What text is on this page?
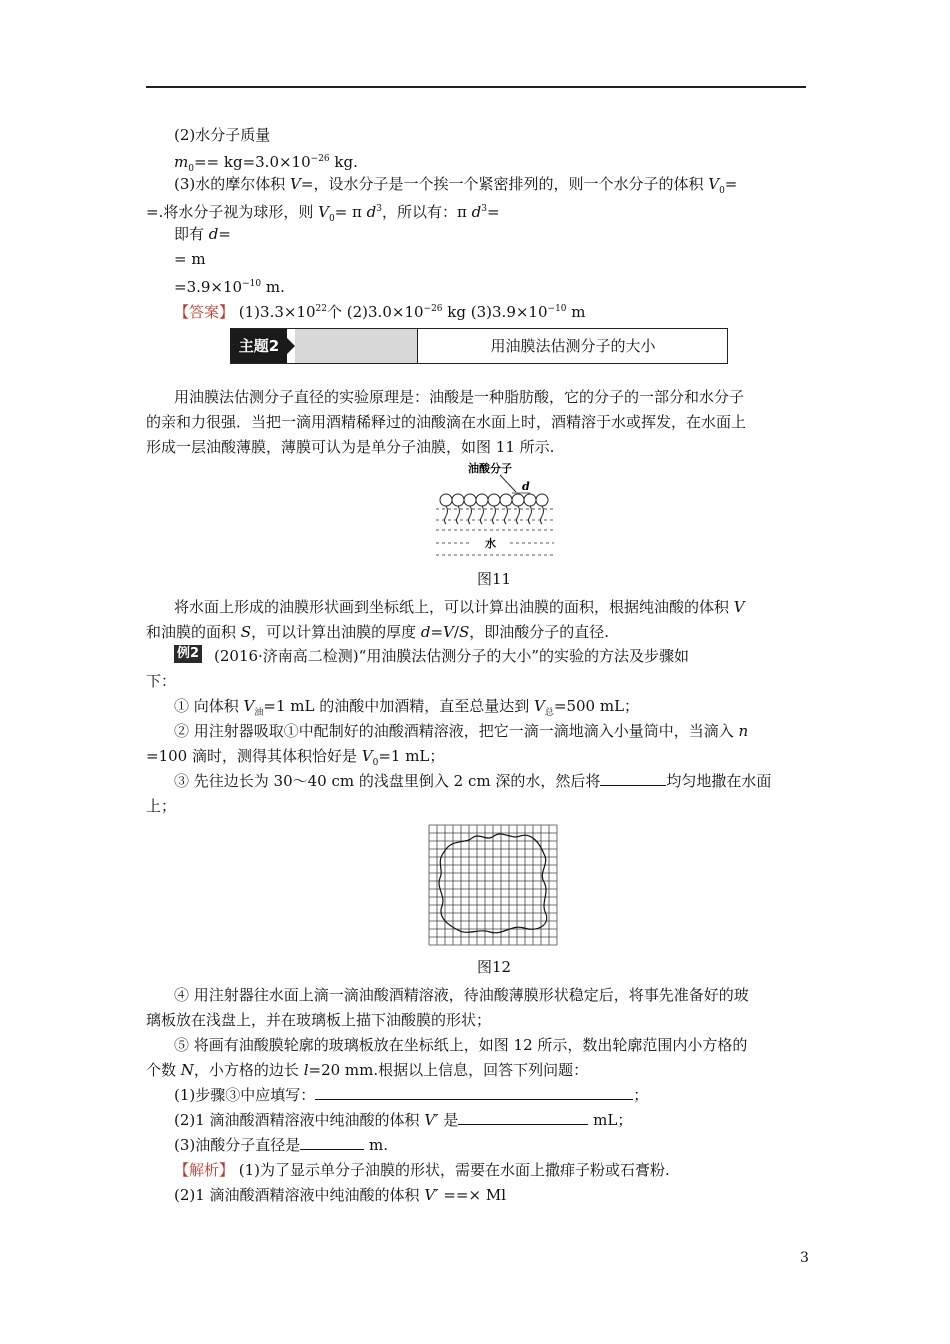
(2)水分子质量
$m_0== kg=3.0\times 10^{-26}$ kg.
(3)水的摩尔体积 V=，设水分子是一个挨一个紧密排列的，则一个水分子的体积 $V_0=$
=.将水分子视为球形，则 $V_0= \pi$ $d^3$，所以有：π $d^3=$
即有 d=
= m
$=3.9\times 10^{-10}$ m.
【答案】 $(1)3.3\times 10^{22}$个 $(2)3.0\times 10^{-26}$ kg $(3)3.9\times 10^{-10}$ m
主题2	用油膜法估测分子的大小
用油膜法估测分子直径的实验原理是：油酸是一种脂肪酸，它的分子的一部分和水分子
的亲和力很强．当把一滴用酒精稀释过的油酸滴在水面上时，酒精溶于水或挥发，在水面上
形成一层油酸薄膜，薄膜可认为是单分子油膜，如图 11 所示.
油酸分子
d
水
图11
将水面上形成的油膜形状画到坐标纸上，可以计算出油膜的面积，根据纯油酸的体积 V
和油膜的面积 S，可以计算出油膜的厚度 d=V/S，即油酸分子的直径.
例2 (2016·济南高二检测)“用油膜法估测分子的大小”的实验的方法及步骤如
下：
① 向体积 $V_油=1$ mL 的油酸中加酒精，直至总量达到 $V_总=500$ mL；
② 用注射器吸取①中配制好的油酸酒精溶液，把它一滴一滴地滴入小量筒中，当滴入 n
=100 滴时，测得其体积恰好是 $V_0=1$ mL；
③ 先往边长为 30～40 cm 的浅盘里倒入 2 cm 深的水，然后将	均匀地撒在水面
上；
图12
④ 用注射器往水面上滴一滴油酸酒精溶液，待油酸薄膜形状稳定后，将事先准备好的玻
璃板放在浅盘上，并在玻璃板上描下油酸膜的形状；
⑤ 将画有油酸膜轮廓的玻璃板放在坐标纸上，如图 12 所示，数出轮廓范围内小方格的
个数 N，小方格的边长 l=20 mm.根据以上信息，回答下列问题：
(1)步骤③中应填写：	；
(2)1 滴油酸酒精溶液中纯油酸的体积 V′ 是	mL；
(3)油酸分子直径是	m.
【解析】 (1)为了显示单分子油膜的形状，需要在水面上撒痱子粉或石膏粉.
(2)1 滴油酸酒精溶液中纯油酸的体积 V′ ==× Ml
3
